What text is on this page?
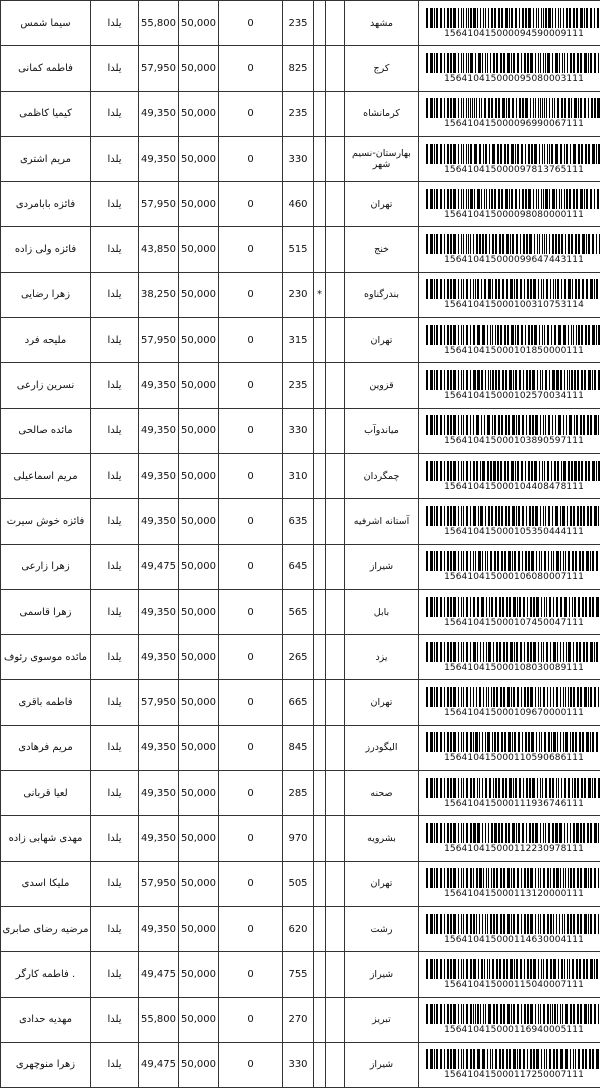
سیما شمس	یلدا	55,800	50,000	0	235			مشهد	156410415000094590009111

فاطمه کمانی	یلدا	57,950	50,000	0	825			کرج	156410415000095080003111

کیمیا کاظمی	یلدا	49,350	50,000	0	235			کرمانشاه	156410415000096990067111

مریم اشتری	یلدا	49,350	50,000	0	330			بهارستان-نسیم شهر	156410415000097813765111

فائزه بابامردی	یلدا	57,950	50,000	0	460			تهران	156410415000098080000111

فائزه ولی زاده	یلدا	43,850	50,000	0	515			خنج	156410415000099647443111

زهرا رضایی	یلدا	38,250	50,000	0	230	*		بندرگناوه	156410415000100310753114

ملیحه فرد	یلدا	57,950	50,000	0	315			تهران	156410415000101850000111

نسرین زارعی	یلدا	49,350	50,000	0	235			قزوین	156410415000102570034111

مائده صالحی	یلدا	49,350	50,000	0	330			میاندوآب	156410415000103890597111

مریم اسماعیلی	یلدا	49,350	50,000	0	310			چمگردان	156410415000104408478111

فائزه خوش سیرت	یلدا	49,350	50,000	0	635			آستانه اشرفیه	156410415000105350444111

زهرا زارعی	یلدا	49,475	50,000	0	645			شیراز	156410415000106080007111

زهرا قاسمی	یلدا	49,350	50,000	0	565			بابل	156410415000107450047111

مائده موسوی رئوف	یلدا	49,350	50,000	0	265			یزد	156410415000108030089111

فاطمه باقری	یلدا	57,950	50,000	0	665			تهران	156410415000109670000111

مریم فرهادی	یلدا	49,350	50,000	0	845			الیگودرز	156410415000110590686111

لعیا قربانی	یلدا	49,350	50,000	0	285			صحنه	156410415000111936746111

مهدی شهابی زاده	یلدا	49,350	50,000	0	970			بشرویه	156410415000112230978111

ملیکا اسدی	یلدا	57,950	50,000	0	505			تهران	156410415000113120000111

مرضیه رضای صابری	یلدا	49,350	50,000	0	620			رشت	156410415000114630004111

فاطمه کارگر .	یلدا	49,475	50,000	0	755			شیراز	156410415000115040007111

مهدیه حدادی	یلدا	55,800	50,000	0	270			تبریز	156410415000116940005111

زهرا منوچهری	یلدا	49,475	50,000	0	330			شیراز	156410415000117250007111
